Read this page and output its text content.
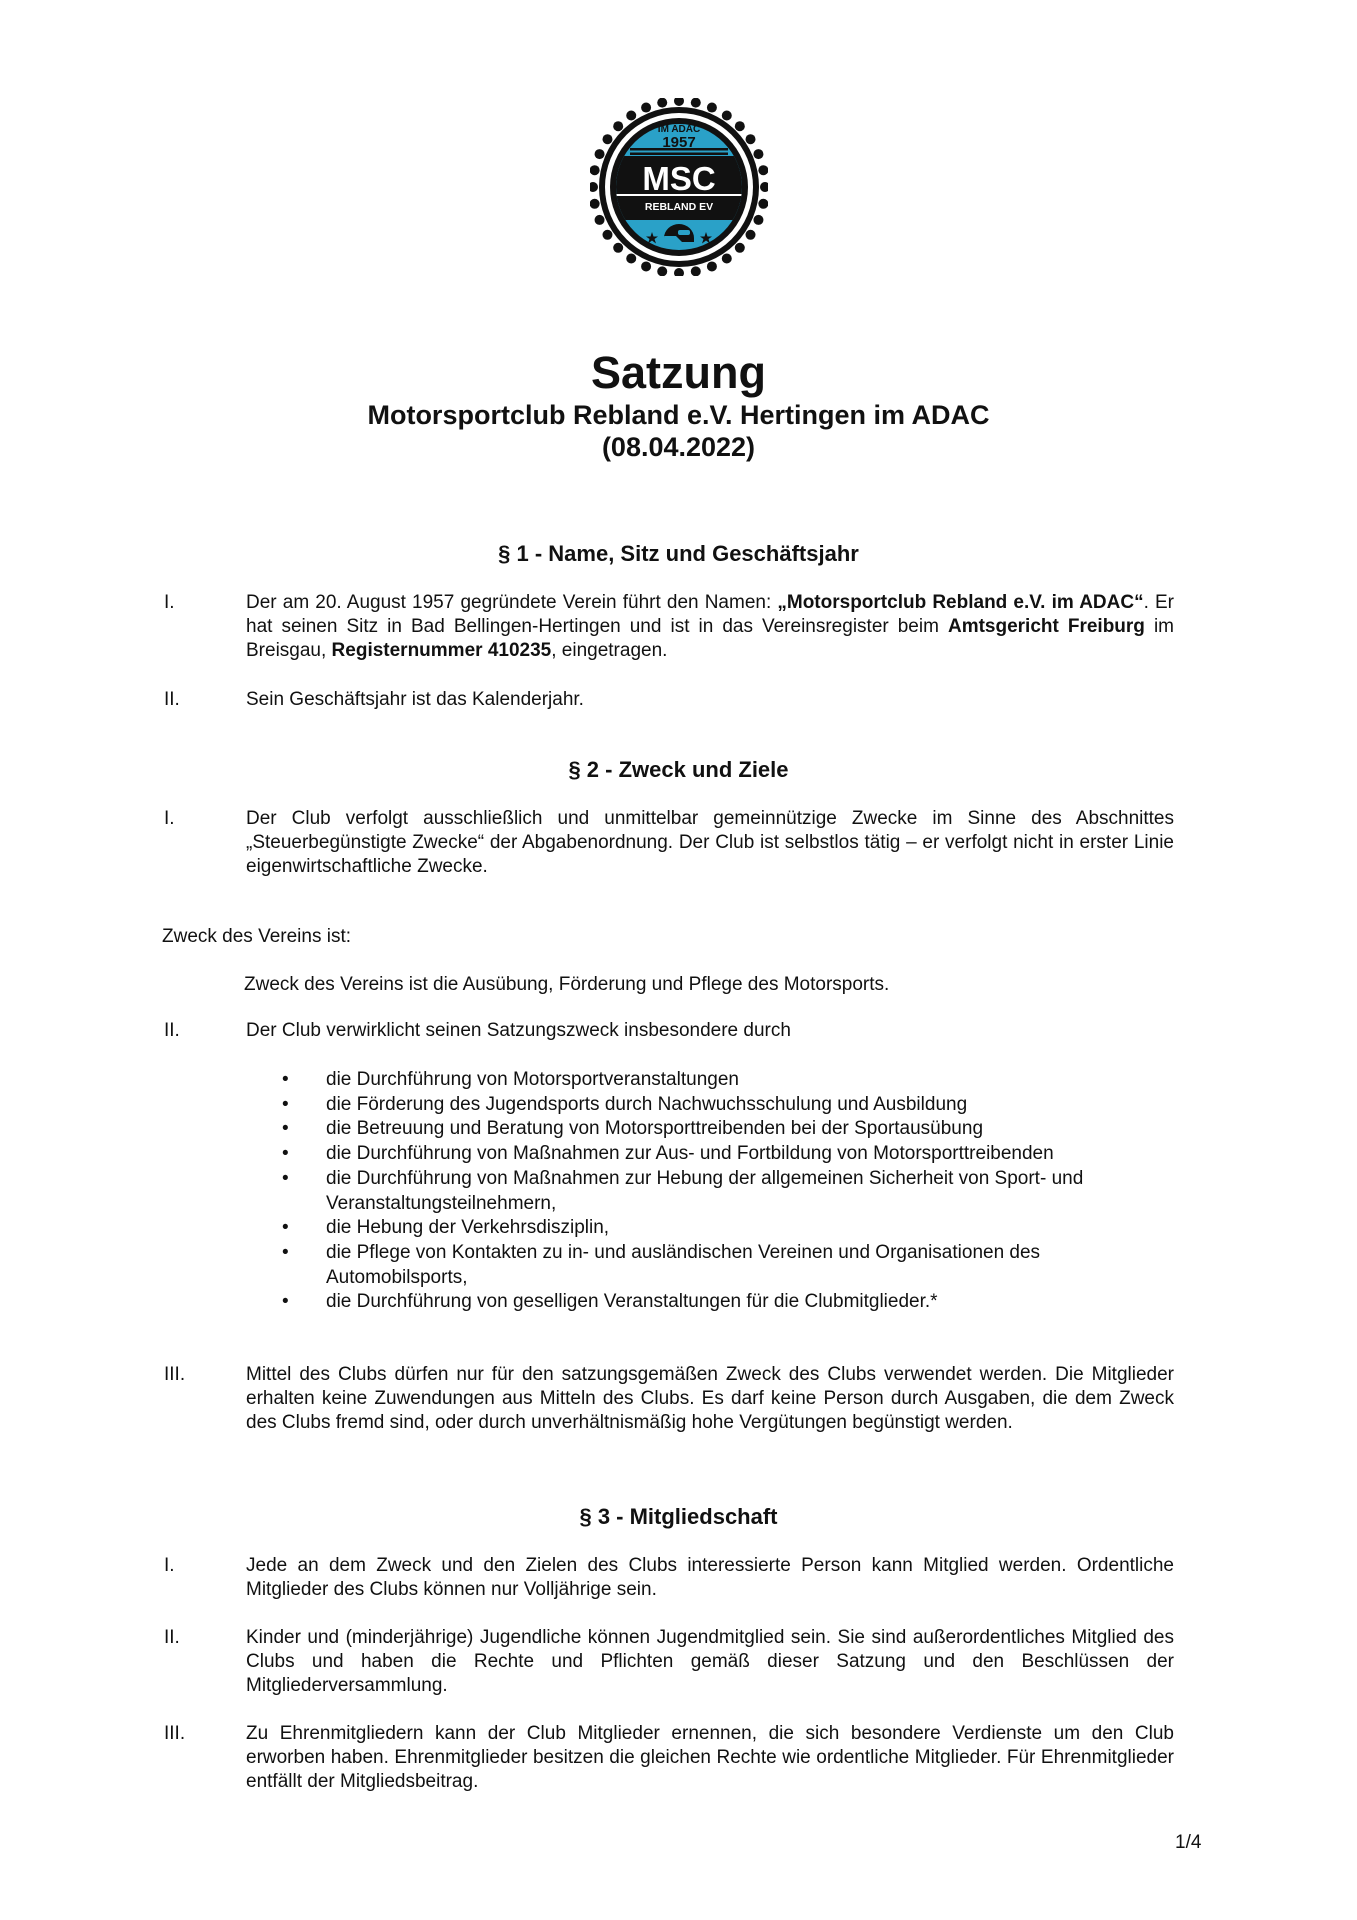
IM ADAC
1957
MSC
REBLAND EV
Satzung
Motorsportclub Rebland e.V. Hertingen im ADAC
(08.04.2022)
§ 1 - Name, Sitz und Geschäftsjahr
I.	Der am 20. August 1957 gegründete Verein führt den Namen: „Motorsportclub Rebland e.V. im ADAC“. Er hat seinen Sitz in Bad Bellingen-Hertingen und ist in das Vereinsregister beim Amtsgericht Freiburg im Breisgau, Registernummer 410235, eingetragen.
II.	Sein Geschäftsjahr ist das Kalenderjahr.
§ 2 - Zweck und Ziele
I.	Der Club verfolgt ausschließlich und unmittelbar gemeinnützige Zwecke im Sinne des Abschnittes „Steuerbegünstigte Zwecke“ der Abgabenordnung. Der Club ist selbstlos tätig – er verfolgt nicht in erster Linie eigenwirtschaftliche Zwecke.
Zweck des Vereins ist:
Zweck des Vereins ist die Ausübung, Förderung und Pflege des Motorsports.
II.	Der Club verwirklicht seinen Satzungszweck insbesondere durch
• die Durchführung von Motorsportveranstaltungen
• die Förderung des Jugendsports durch Nachwuchsschulung und Ausbildung
• die Betreuung und Beratung von Motorsporttreibenden bei der Sportausübung
• die Durchführung von Maßnahmen zur Aus- und Fortbildung von Motorsporttreibenden
• die Durchführung von Maßnahmen zur Hebung der allgemeinen Sicherheit von Sport- und Veranstaltungsteilnehmern,
• die Hebung der Verkehrsdisziplin,
• die Pflege von Kontakten zu in- und ausländischen Vereinen und Organisationen des Automobilsports,
• die Durchführung von geselligen Veranstaltungen für die Clubmitglieder.*
III.	Mittel des Clubs dürfen nur für den satzungsgemäßen Zweck des Clubs verwendet werden. Die Mitglieder erhalten keine Zuwendungen aus Mitteln des Clubs. Es darf keine Person durch Ausgaben, die dem Zweck des Clubs fremd sind, oder durch unverhältnismäßig hohe Vergütungen begünstigt werden.
§ 3 - Mitgliedschaft
I.	Jede an dem Zweck und den Zielen des Clubs interessierte Person kann Mitglied werden. Ordentliche Mitglieder des Clubs können nur Volljährige sein.
II.	Kinder und (minderjährige) Jugendliche können Jugendmitglied sein. Sie sind außerordentliches Mitglied des Clubs und haben die Rechte und Pflichten gemäß dieser Satzung und den Beschlüssen der Mitgliederversammlung.
III.	Zu Ehrenmitgliedern kann der Club Mitglieder ernennen, die sich besondere Verdienste um den Club erworben haben. Ehrenmitglieder besitzen die gleichen Rechte wie ordentliche Mitglieder. Für Ehrenmitglieder entfällt der Mitgliedsbeitrag.
1/4
